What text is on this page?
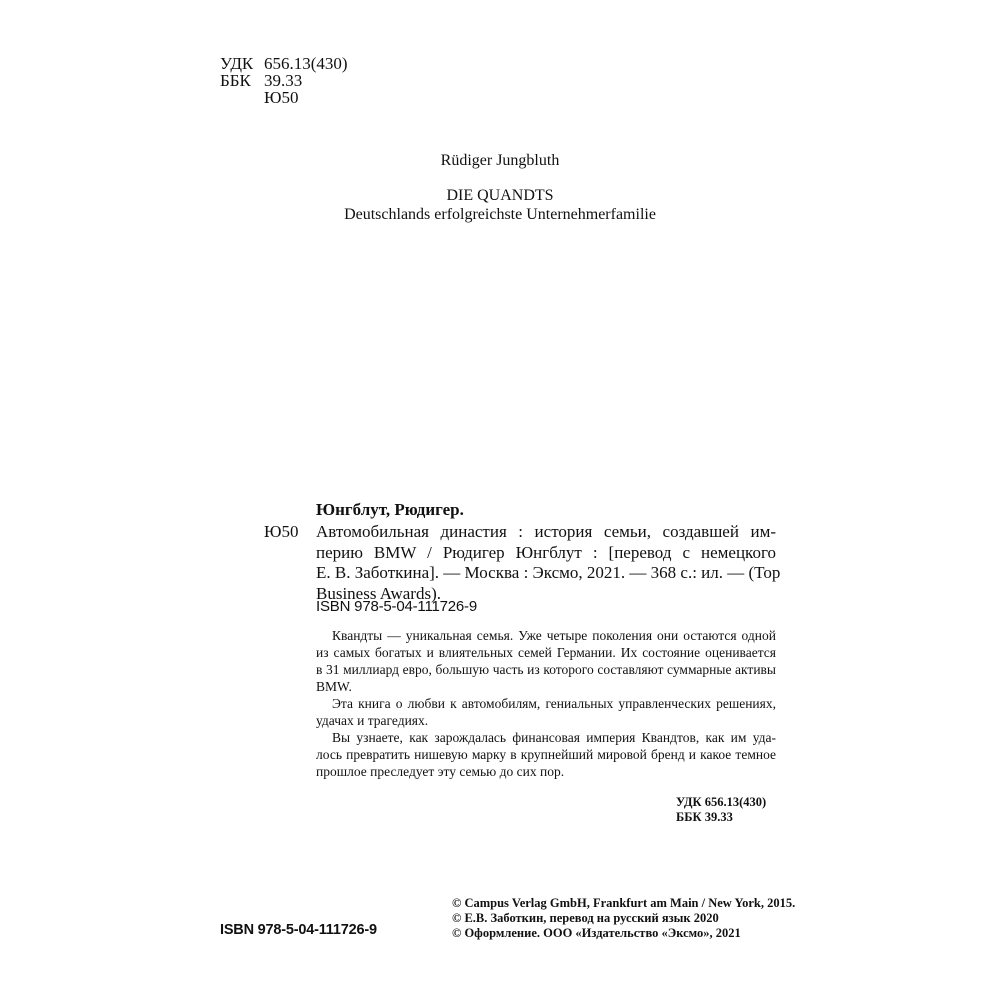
УДК 656.13(430)
ББК 39.33
Ю50
Rüdiger Jungbluth
DIE QUANDTS
Deutschlands erfolgreichste Unternehmerfamilie
Юнгблут, Рюдигер.
Ю50 Автомобильная династия : история семьи, создавшей им-
перию BMW / Рюдигер Юнгблут : [перевод с немецкого
Е. В. Заботкина]. — Москва : Эксмо, 2021. — 368 с.: ил. — (Top
Business Awards).
ISBN 978-5-04-111726-9
Квандты — уникальная семья. Уже четыре поколения они остаются одной
из самых богатых и влиятельных семей Германии. Их состояние оценивается
в 31 миллиард евро, большую часть из которого составляют суммарные активы
BMW.
Эта книга о любви к автомобилям, гениальных управленческих решениях,
удачах и трагедиях.
Вы узнаете, как зарождалась финансовая империя Квандтов, как им уда-
лось превратить нишевую марку в крупнейший мировой бренд и какое темное
прошлое преследует эту семью до сих пор.
УДК 656.13(430)
ББК 39.33
ISBN 978-5-04-111726-9
© Campus Verlag GmbH, Frankfurt am Main / New York, 2015.
© Е.В. Заботкин, перевод на русский язык 2020
© Оформление. ООО «Издательство «Эксмо», 2021
